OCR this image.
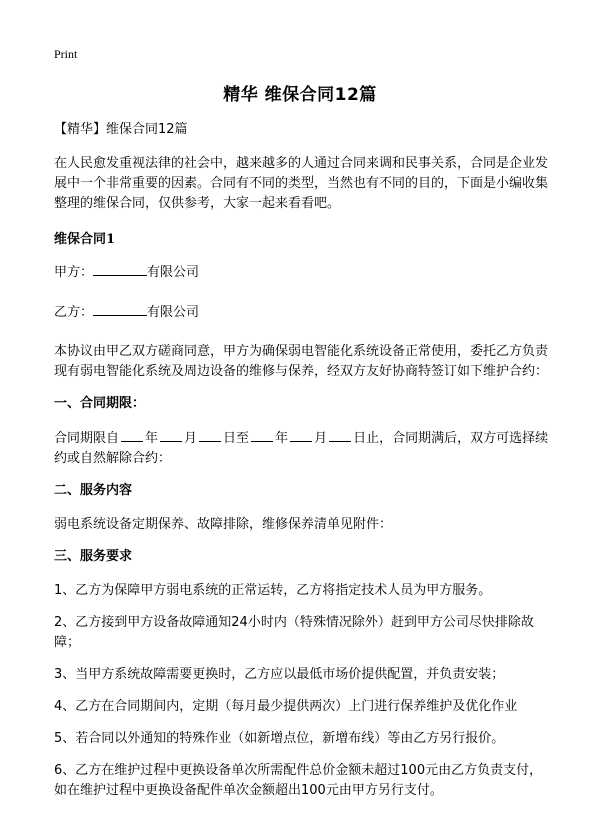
Print
精华 维保合同12篇

【精华】维保合同12篇

在人民愈发重视法律的社会中，越来越多的人通过合同来调和民事关系，合同是企业发展中一个非常重要的因素。合同有不同的类型，当然也有不同的目的，下面是小编收集整理的维保合同，仅供参考，大家一起来看看吧。

维保合同1

甲方：	有限公司

乙方：	有限公司

本协议由甲乙双方磋商同意，甲方为确保弱电智能化系统设备正常使用，委托乙方负责现有弱电智能化系统及周边设备的维修与保养，经双方友好协商特签订如下维护合约：

一、合同期限：

合同期限自 年 月 日至 年 月 日止，合同期满后，双方可选择续约或自然解除合约：

二、服务内容

弱电系统设备定期保养、故障排除，维修保养清单见附件：

三、服务要求

1、乙方为保障甲方弱电系统的正常运转，乙方将指定技术人员为甲方服务。

2、乙方接到甲方设备故障通知24小时内（特殊情况除外）赶到甲方公司尽快排除故障；

3、当甲方系统故障需要更换时，乙方应以最低市场价提供配置，并负责安装；

4、乙方在合同期间内，定期（每月最少提供两次）上门进行保养维护及优化作业

5、若合同以外通知的特殊作业（如新增点位，新增布线）等由乙方另行报价。

6、乙方在维护过程中更换设备单次所需配件总价金额未超过100元由乙方负责支付，如在维护过程中更换设备配件单次金额超出100元由甲方另行支付。
